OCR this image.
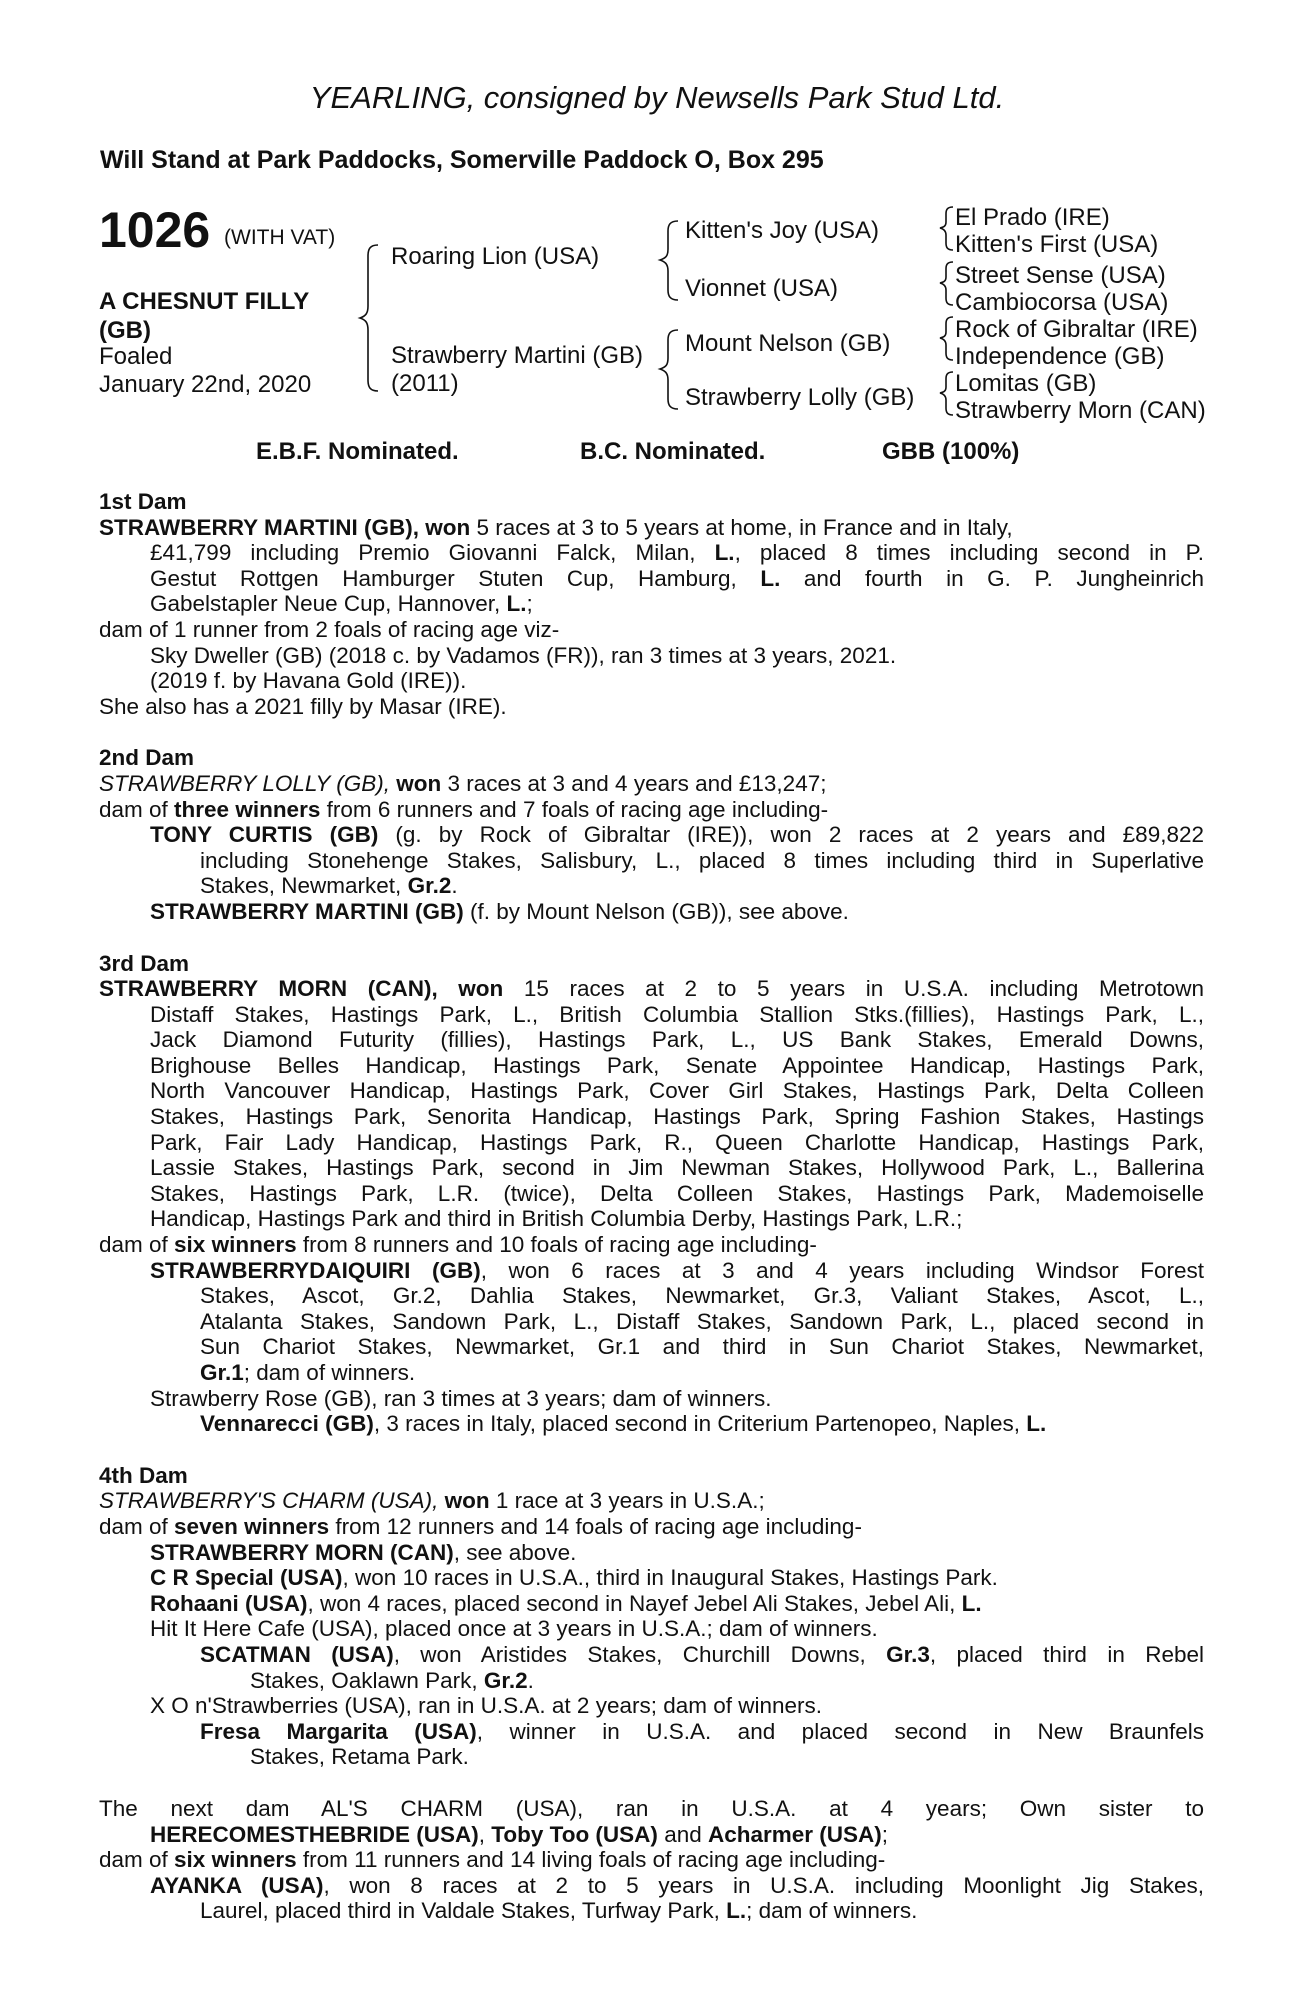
YEARLING, consigned by Newsells Park Stud Ltd.
Will Stand at Park Paddocks, Somerville Paddock O, Box 295
1026 (WITH VAT)
A CHESNUT FILLY
(GB)
Foaled
January 22nd, 2020
Roaring Lion (USA)
Strawberry Martini (GB)
(2011)
Kitten's Joy (USA)
Vionnet (USA)
Mount Nelson (GB)
Strawberry Lolly (GB)
El Prado (IRE)
Kitten's First (USA)
Street Sense (USA)
Cambiocorsa (USA)
Rock of Gibraltar (IRE)
Independence (GB)
Lomitas (GB)
Strawberry Morn (CAN)
E.B.F. Nominated.	B.C. Nominated.	GBB (100%)
1st Dam
STRAWBERRY MARTINI (GB), won 5 races at 3 to 5 years at home, in France and in Italy,
£41,799 including Premio Giovanni Falck, Milan, L., placed 8 times including second in P.
Gestut Rottgen Hamburger Stuten Cup, Hamburg, L. and fourth in G. P. Jungheinrich
Gabelstapler Neue Cup, Hannover, L.;
dam of 1 runner from 2 foals of racing age viz-
Sky Dweller (GB) (2018 c. by Vadamos (FR)), ran 3 times at 3 years, 2021.
(2019 f. by Havana Gold (IRE)).
She also has a 2021 filly by Masar (IRE).
2nd Dam
STRAWBERRY LOLLY (GB), won 3 races at 3 and 4 years and £13,247;
dam of three winners from 6 runners and 7 foals of racing age including-
TONY CURTIS (GB) (g. by Rock of Gibraltar (IRE)), won 2 races at 2 years and £89,822
including Stonehenge Stakes, Salisbury, L., placed 8 times including third in Superlative
Stakes, Newmarket, Gr.2.
STRAWBERRY MARTINI (GB) (f. by Mount Nelson (GB)), see above.
3rd Dam
STRAWBERRY MORN (CAN), won 15 races at 2 to 5 years in U.S.A. including Metrotown
Distaff Stakes, Hastings Park, L., British Columbia Stallion Stks.(fillies), Hastings Park, L.,
Jack Diamond Futurity (fillies), Hastings Park, L., US Bank Stakes, Emerald Downs,
Brighouse Belles Handicap, Hastings Park, Senate Appointee Handicap, Hastings Park,
North Vancouver Handicap, Hastings Park, Cover Girl Stakes, Hastings Park, Delta Colleen
Stakes, Hastings Park, Senorita Handicap, Hastings Park, Spring Fashion Stakes, Hastings
Park, Fair Lady Handicap, Hastings Park, R., Queen Charlotte Handicap, Hastings Park,
Lassie Stakes, Hastings Park, second in Jim Newman Stakes, Hollywood Park, L., Ballerina
Stakes, Hastings Park, L.R. (twice), Delta Colleen Stakes, Hastings Park, Mademoiselle
Handicap, Hastings Park and third in British Columbia Derby, Hastings Park, L.R.;
dam of six winners from 8 runners and 10 foals of racing age including-
STRAWBERRYDAIQUIRI (GB), won 6 races at 3 and 4 years including Windsor Forest
Stakes, Ascot, Gr.2, Dahlia Stakes, Newmarket, Gr.3, Valiant Stakes, Ascot, L.,
Atalanta Stakes, Sandown Park, L., Distaff Stakes, Sandown Park, L., placed second in
Sun Chariot Stakes, Newmarket, Gr.1 and third in Sun Chariot Stakes, Newmarket,
Gr.1; dam of winners.
Strawberry Rose (GB), ran 3 times at 3 years; dam of winners.
Vennarecci (GB), 3 races in Italy, placed second in Criterium Partenopeo, Naples, L.
4th Dam
STRAWBERRY'S CHARM (USA), won 1 race at 3 years in U.S.A.;
dam of seven winners from 12 runners and 14 foals of racing age including-
STRAWBERRY MORN (CAN), see above.
C R Special (USA), won 10 races in U.S.A., third in Inaugural Stakes, Hastings Park.
Rohaani (USA), won 4 races, placed second in Nayef Jebel Ali Stakes, Jebel Ali, L.
Hit It Here Cafe (USA), placed once at 3 years in U.S.A.; dam of winners.
SCATMAN (USA), won Aristides Stakes, Churchill Downs, Gr.3, placed third in Rebel
Stakes, Oaklawn Park, Gr.2.
X O n'Strawberries (USA), ran in U.S.A. at 2 years; dam of winners.
Fresa Margarita (USA), winner in U.S.A. and placed second in New Braunfels
Stakes, Retama Park.
The next dam AL'S CHARM (USA), ran in U.S.A. at 4 years; Own sister to
HERECOMESTHEBRIDE (USA), Toby Too (USA) and Acharmer (USA);
dam of six winners from 11 runners and 14 living foals of racing age including-
AYANKA (USA), won 8 races at 2 to 5 years in U.S.A. including Moonlight Jig Stakes,
Laurel, placed third in Valdale Stakes, Turfway Park, L.; dam of winners.
